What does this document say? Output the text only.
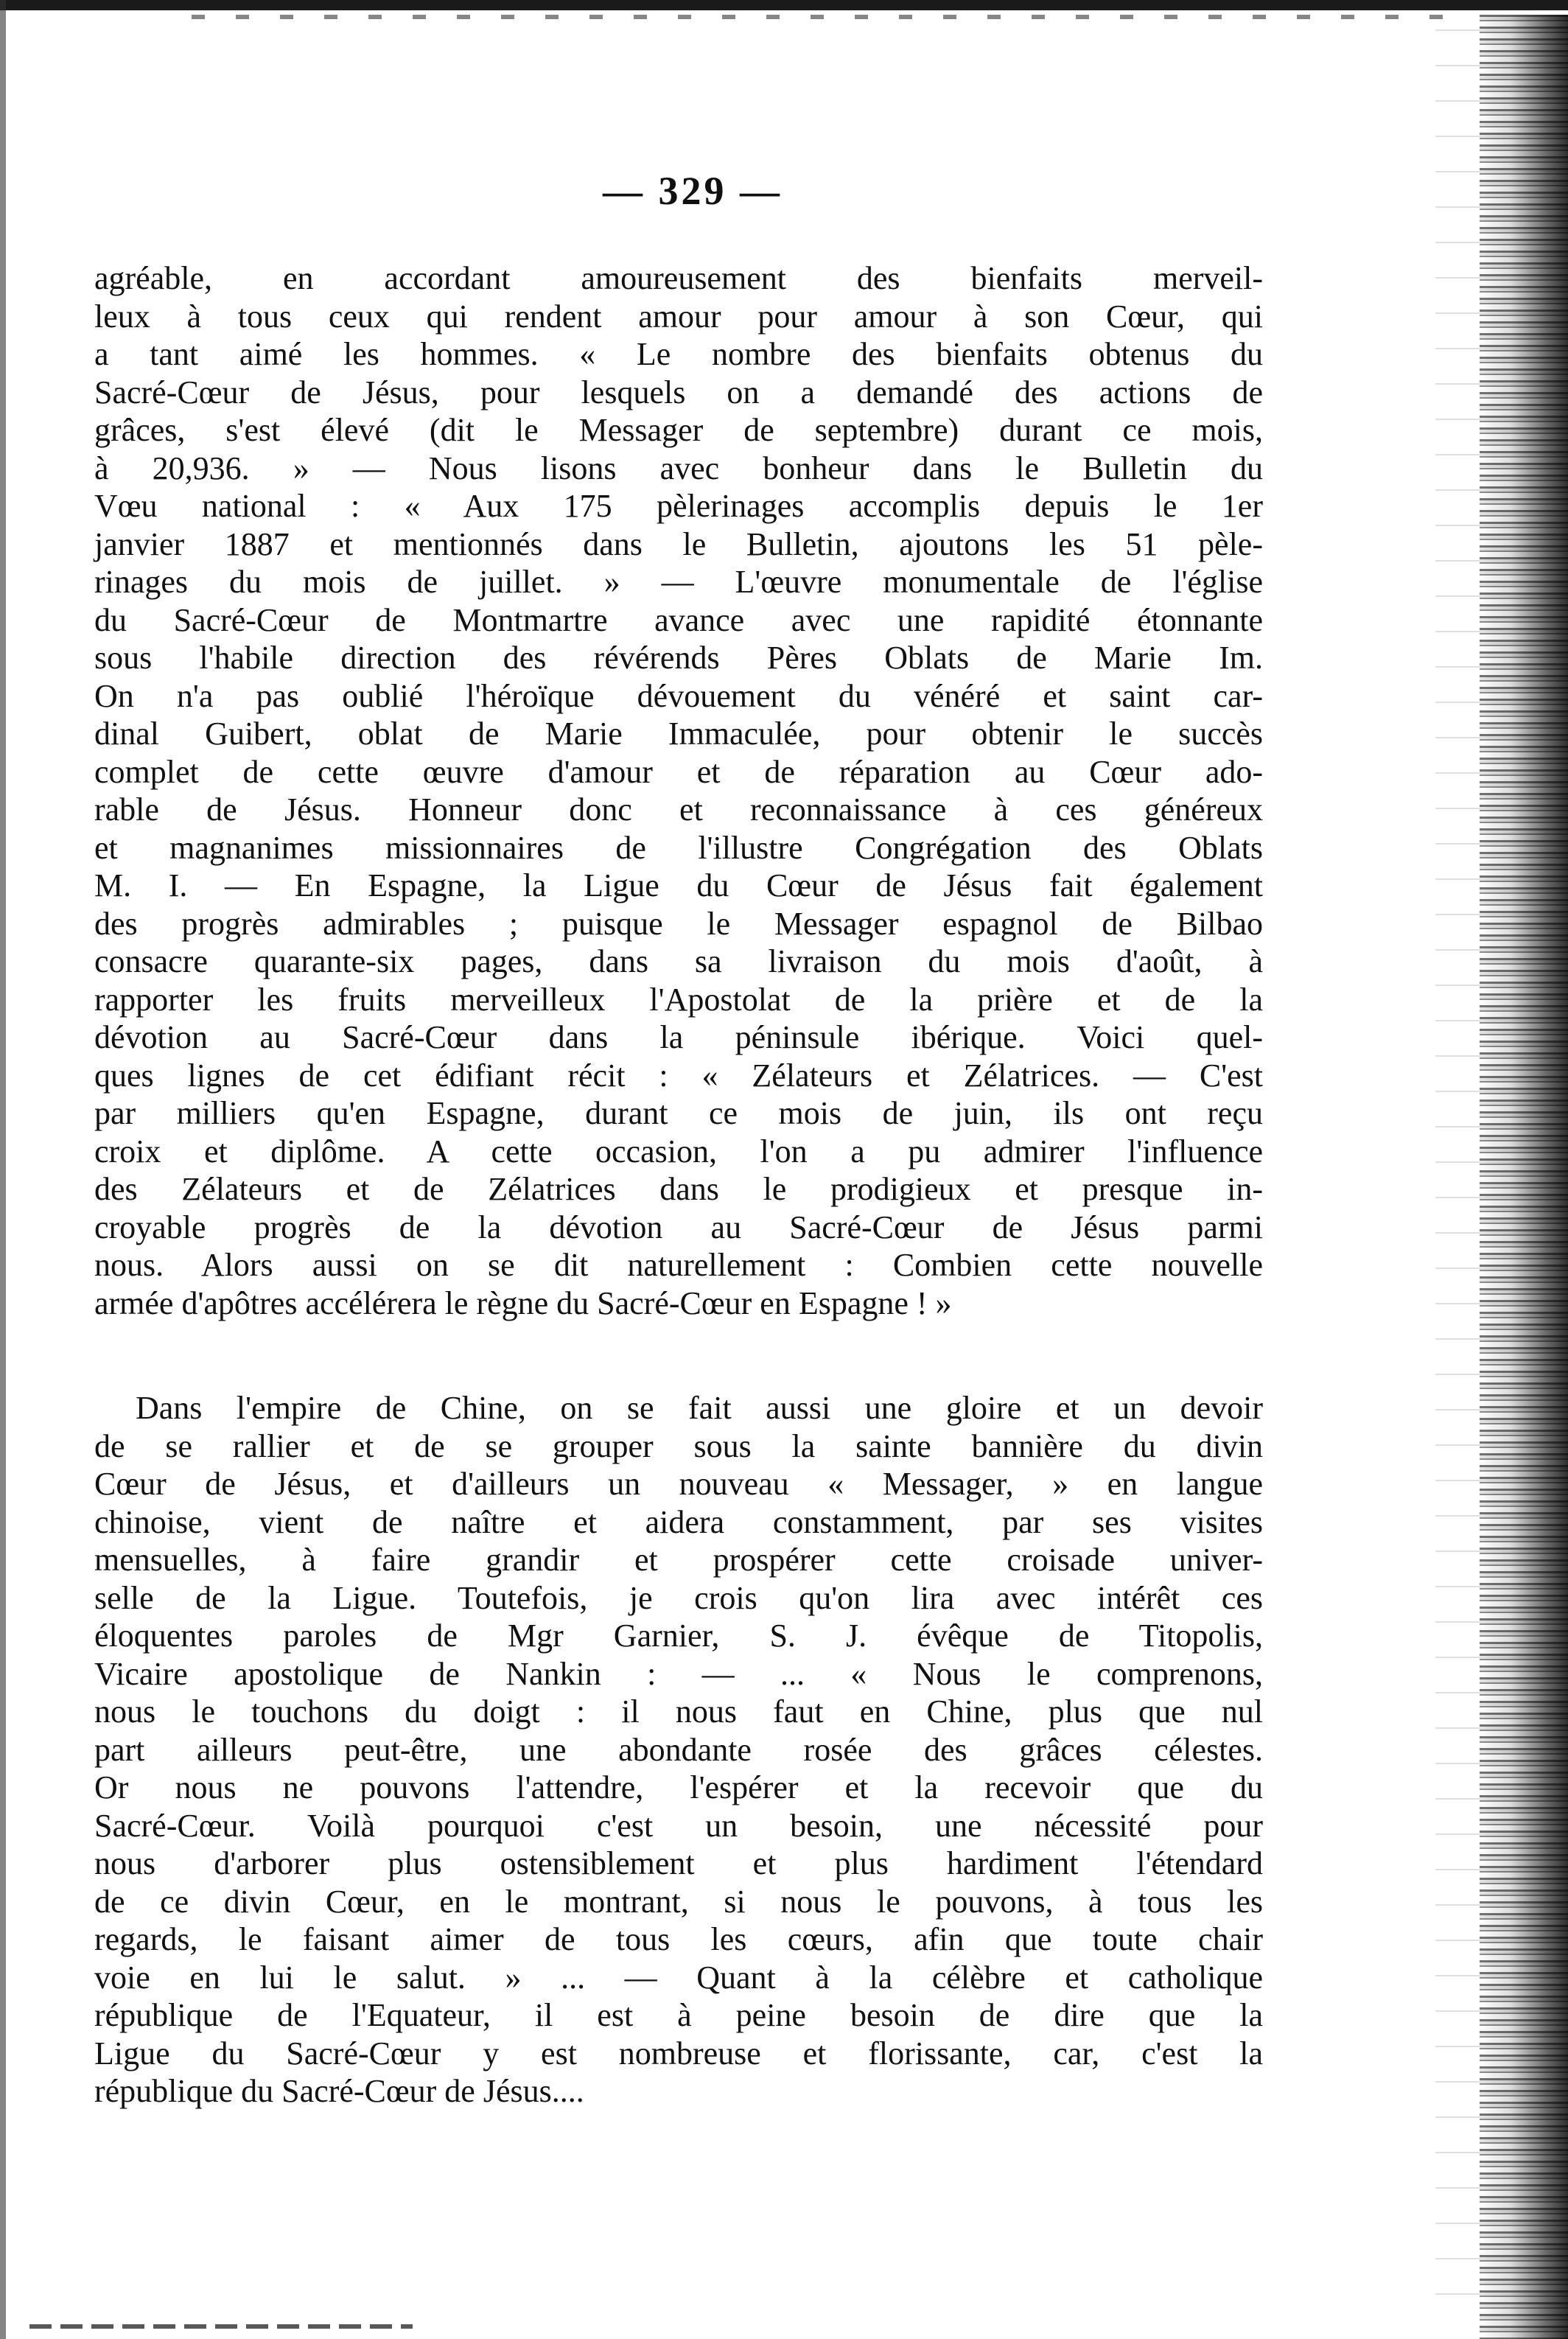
— 329 —
agréable, en accordant amoureusement des bienfaits merveil-
leux à tous ceux qui rendent amour pour amour à son Cœur, qui
a tant aimé les hommes. « Le nombre des bienfaits obtenus du
Sacré-Cœur de Jésus, pour lesquels on a demandé des actions de
grâces, s'est élevé (dit le Messager de septembre) durant ce mois,
à 20,936. » — Nous lisons avec bonheur dans le Bulletin du
Vœu national : « Aux 175 pèlerinages accomplis depuis le 1er
janvier 1887 et mentionnés dans le Bulletin, ajoutons les 51 pèle-
rinages du mois de juillet. » — L'œuvre monumentale de l'église
du Sacré-Cœur de Montmartre avance avec une rapidité étonnante
sous l'habile direction des révérends Pères Oblats de Marie Im.
On n'a pas oublié l'héroïque dévouement du vénéré et saint car-
dinal Guibert, oblat de Marie Immaculée, pour obtenir le succès
complet de cette œuvre d'amour et de réparation au Cœur ado-
rable de Jésus. Honneur donc et reconnaissance à ces généreux
et magnanimes missionnaires de l'illustre Congrégation des Oblats
M. I. — En Espagne, la Ligue du Cœur de Jésus fait également
des progrès admirables ; puisque le Messager espagnol de Bilbao
consacre quarante-six pages, dans sa livraison du mois d'août, à
rapporter les fruits merveilleux l'Apostolat de la prière et de la
dévotion au Sacré-Cœur dans la péninsule ibérique. Voici quel-
ques lignes de cet édifiant récit : « Zélateurs et Zélatrices. — C'est
par milliers qu'en Espagne, durant ce mois de juin, ils ont reçu
croix et diplôme. A cette occasion, l'on a pu admirer l'influence
des Zélateurs et de Zélatrices dans le prodigieux et presque in-
croyable progrès de la dévotion au Sacré-Cœur de Jésus parmi
nous. Alors aussi on se dit naturellement : Combien cette nouvelle
armée d'apôtres accélérera le règne du Sacré-Cœur en Espagne ! »
Dans l'empire de Chine, on se fait aussi une gloire et un devoir
de se rallier et de se grouper sous la sainte bannière du divin
Cœur de Jésus, et d'ailleurs un nouveau « Messager, » en langue
chinoise, vient de naître et aidera constamment, par ses visites
mensuelles, à faire grandir et prospérer cette croisade univer-
selle de la Ligue. Toutefois, je crois qu'on lira avec intérêt ces
éloquentes paroles de Mgr Garnier, S. J. évêque de Titopolis,
Vicaire apostolique de Nankin : — ... « Nous le comprenons,
nous le touchons du doigt : il nous faut en Chine, plus que nul
part ailleurs peut-être, une abondante rosée des grâces célestes.
Or nous ne pouvons l'attendre, l'espérer et la recevoir que du
Sacré-Cœur. Voilà pourquoi c'est un besoin, une nécessité pour
nous d'arborer plus ostensiblement et plus hardiment l'étendard
de ce divin Cœur, en le montrant, si nous le pouvons, à tous les
regards, le faisant aimer de tous les cœurs, afin que toute chair
voie en lui le salut. » ... — Quant à la célèbre et catholique
république de l'Equateur, il est à peine besoin de dire que la
Ligue du Sacré-Cœur y est nombreuse et florissante, car, c'est la
république du Sacré-Cœur de Jésus....
